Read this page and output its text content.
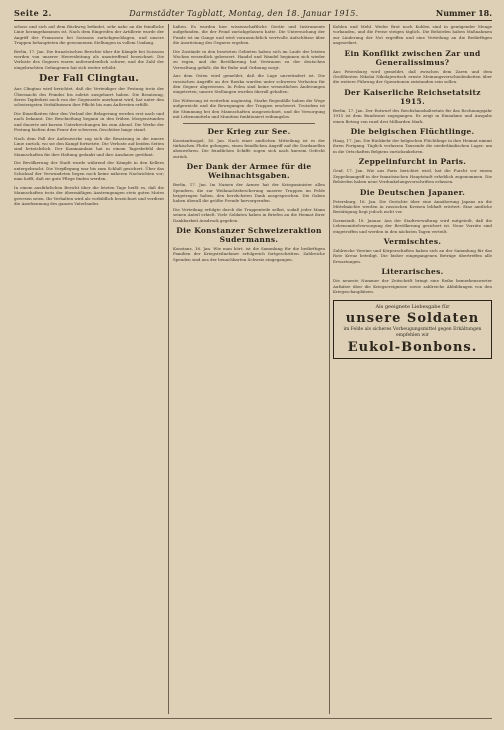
Seite 2.	Darmstädter Tagblatt, Montag, den 18. Januar 1915.	Nummer 18.

schoss und sich auf dem Rückweg befindet, sehr nahe an die feindliche Linie herangekommen ist. Nach dem Eingreifen der Artillerie wurde der Angriff der Franzosen bei Soissons zurückgeschlagen, und unsere Truppen behaupteten die gewonnenen Stellungen in vollem Umfang.

Berlin, 17. Jan. Die französischen Berichte über die Kämpfe bei Soissons werden von unserer Heeresleitung als unzutreffend bezeichnet. Die Verluste des Gegners waren außerordentlich schwer, und die Zahl der eingebrachten Gefangenen hat sich weiter erhöht.

Der Fall Clingtau.

Aus Clingtau wird berichtet, daß die Verteidiger der Festung trotz der Übermacht des Feindes bis zuletzt ausgeharrt haben. Die Besatzung, deren Tapferkeit auch von der Gegenseite anerkannt wird, hat unter den schwierigsten Verhältnissen ihre Pflicht bis zum Äußersten erfüllt.

Die Einzelheiten über den Verlauf der Belagerung werden erst nach und nach bekannt. Die Beschießung begann in den frühen Morgenstunden und dauerte mit kurzen Unterbrechungen bis zum Abend. Die Werke der Festung hielten dem Feuer der schweren Geschütze lange stand.

Nach dem Fall der Außenwerke zog sich die Besatzung in die innere Linie zurück, wo sie den Kampf fortsetzte. Die Verluste auf beiden Seiten sind beträchtlich. Der Kommandant hat in einem Tagesbefehl den Mannschaften für ihre Haltung gedankt und ihre Ausdauer gerühmt.

Die Bevölkerung der Stadt wurde während der Kämpfe in den Kellern untergebracht. Die Verpflegung war bis zum Schluß gesichert. Über das Schicksal der Verwundeten liegen noch keine näheren Nachrichten vor; man hofft, daß sie gute Pflege finden werden.

In einem ausführlichen Bericht über die letzten Tage heißt es, daß die Mannschaften trotz der übermäßigen Anstrengungen stets guten Mutes gewesen seien. Ihr Verhalten wird als vorbildlich bezeichnet und verdient die Anerkennung des ganzen Vaterlandes.

halten. Es wurden hier wissenschaftliche Geräte und Instrumente aufgefunden, die der Feind zurückgelassen hatte. Die Untersuchung der Funde ist im Gange und wird voraussichtlich wertvolle Aufschlüsse über die Ausrüstung des Gegners ergeben.

Die Zustände in den besetzten Gebieten haben sich im Laufe der letzten Wochen wesentlich gebessert. Handel und Wandel beginnen sich wieder zu regen, und die Bevölkerung hat Vertrauen zu der deutschen Verwaltung gefaßt, die für Ruhe und Ordnung sorgt.

Aus dem Osten wird gemeldet, daß die Lage unverändert ist. Die russischen Angriffe an der Rawka wurden unter schweren Verlusten für den Gegner abgewiesen. In Polen sind keine wesentlichen Änderungen eingetreten; unsere Stellungen wurden überall gehalten.

Die Witterung ist weiterhin ungünstig. Starke Regenfälle haben die Wege aufgeweicht und die Bewegungen der Truppen erschwert. Trotzdem ist die Stimmung bei den Mannschaften ausgezeichnet, und die Versorgung mit Lebensmitteln und Munition funktioniert reibungslos.

Der Krieg zur See.

Konstantinopel, 16. Jan. Nach einer amtlichen Mitteilung ist es der türkischen Flotte gelungen, einen feindlichen Angriff auf die Dardanellen abzuwehren. Die feindlichen Schiffe zogen sich nach kurzem Gefecht zurück.

Der Dank der Armee für die Weihnachtsgaben.

Berlin, 17. Jan. Im Namen der Armee hat der Kriegsminister allen Spendern, die zur Weihnachtsbescherung unserer Truppen im Felde beigetragen haben, den herzlichsten Dank ausgesprochen. Die Gaben haben überall die größte Freude hervorgerufen.

Die Verteilung erfolgte durch die Truppenteile selbst, sodaß jeder Mann seinen Anteil erhielt. Viele Soldaten haben in Briefen an die Heimat ihrer Dankbarkeit Ausdruck gegeben.

Die Konstanzer Schweizeraktion Sudermanns.

Konstanz, 16. Jan. Wie man hört, ist die Sammlung für die bedürftigen Familien der Kriegsteilnehmer erfolgreich fortgeschritten. Zahlreiche Spenden sind aus der benachbarten Schweiz eingegangen.

Kohlen und Mehl. Weder Brot noch Kohlen sind in genügender Menge vorhanden, und die Preise steigen täglich. Die Behörden haben Maßnahmen zur Linderung der Not ergriffen und eine Verteilung an die Bedürftigen angeordnet.

Ein Konflikt zwischen Zar und Generalissimus?

Aus Petersburg wird gemeldet, daß zwischen dem Zaren und dem Großfürsten Nikolai Nikolajewitsch ernste Meinungsverschiedenheiten über die weitere Führung der Operationen entstanden sein sollen.

Der Kaiserliche Reichsetatsitz 1915.

Berlin, 17. Jan. Der Entwurf des Reichshaushaltsetats für das Rechnungsjahr 1915 ist dem Bundesrat zugegangen. Er zeigt in Einnahme und Ausgabe einen Betrag von rund drei Milliarden Mark.

Die belgischen Flüchtlinge.

Haag, 17. Jan. Die Rückkehr der belgischen Flüchtlinge in ihre Heimat nimmt ihren Fortgang. Täglich verlassen Tausende die niederländischen Lager, um in die Ortschaften Belgiens zurückzukehren.

Zeppelinfurcht in Paris.

Genf, 17. Jan. Wie aus Paris berichtet wird, hat die Furcht vor einem Zeppelinangriff in der französischen Hauptstadt erheblich zugenommen. Die Behörden haben neue Verdunkelungsvorschriften erlassen.

Die Deutschen Japaner.

Petersburg, 16. Jan. Die Gerüchte über eine Annäherung Japans an die Mittelmächte werden in russischen Kreisen lebhaft erörtert. Eine amtliche Bestätigung liegt jedoch nicht vor.

Darmstadt, 18. Januar. Aus der Stadtverwaltung wird mitgeteilt, daß die Lebensmittelversorgung der Bevölkerung gesichert ist. Neue Vorräte sind eingetroffen und werden in den nächsten Tagen verteilt.

Vermischtes.

Zahlreiche Vereine und Körperschaften haben sich an der Sammlung für das Rote Kreuz beteiligt. Die bisher eingegangenen Beträge übertreffen alle Erwartungen.

Literarisches.

Die neueste Nummer der Zeitschrift bringt eine Reihe bemerkenswerter Aufsätze über die Kriegsereignisse sowie zahlreiche Abbildungen von den Kriegsschauplätzen.

Als geeignete Liebesgabe für
unsere Soldaten
im Felde als sicheres Vorbeugungsmittel gegen Erkältungen empfehlen wir
Eukol-Bonbons.
